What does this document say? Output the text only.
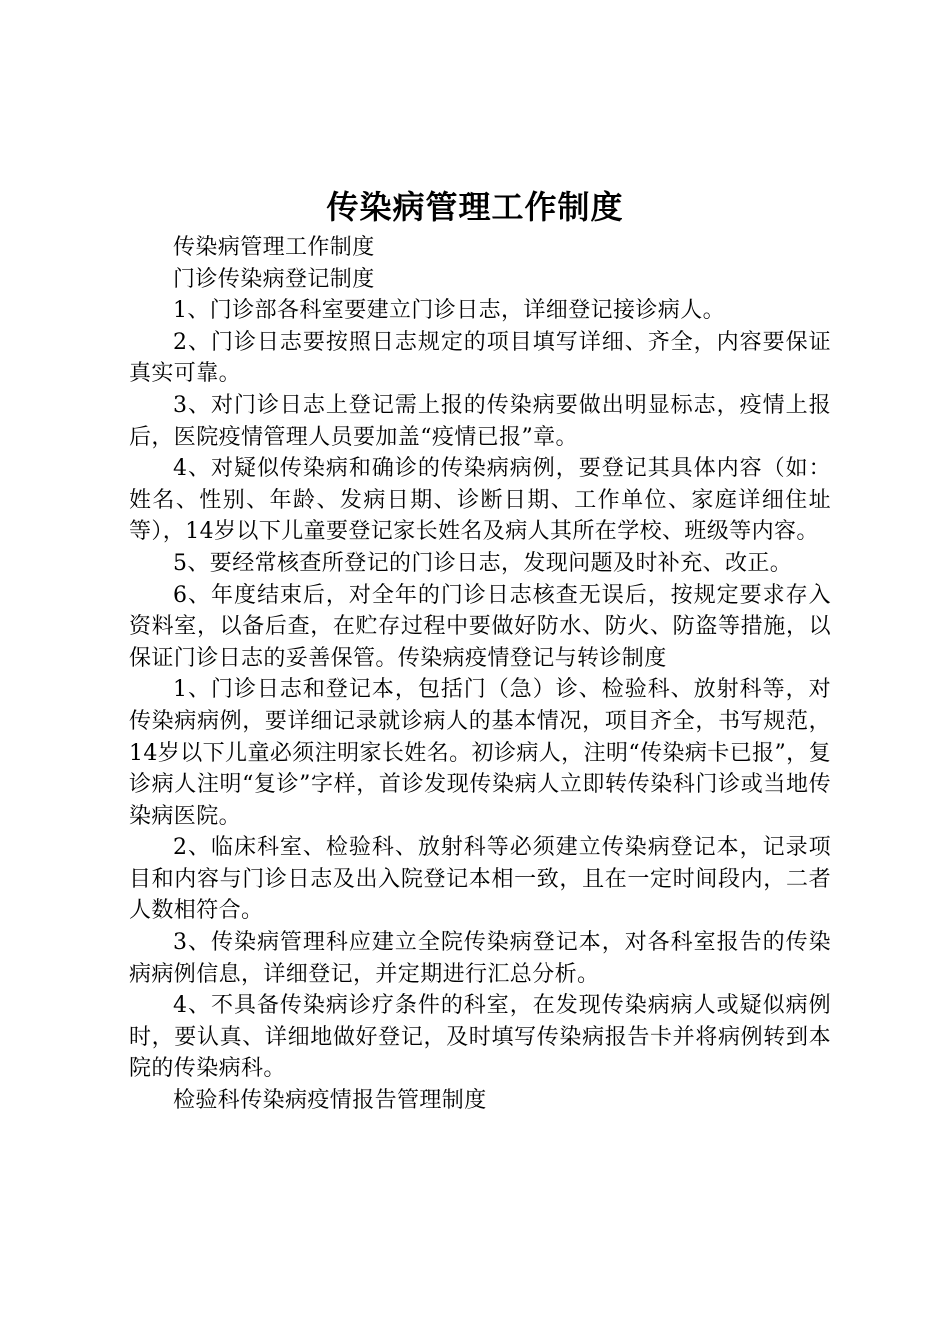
传染病管理工作制度

传染病管理工作制度

门诊传染病登记制度

1、门诊部各科室要建立门诊日志，详细登记接诊病人。

2、门诊日志要按照日志规定的项目填写详细、齐全，内容要保证真实可靠。

3、对门诊日志上登记需上报的传染病要做出明显标志，疫情上报后，医院疫情管理人员要加盖“疫情已报”章。

4、对疑似传染病和确诊的传染病病例，要登记其具体内容（如：姓名、性别、年龄、发病日期、诊断日期、工作单位、家庭详细住址等），14岁以下儿童要登记家长姓名及病人其所在学校、班级等内容。

5、要经常核查所登记的门诊日志，发现问题及时补充、改正。

6、年度结束后，对全年的门诊日志核查无误后，按规定要求存入资料室，以备后查，在贮存过程中要做好防水、防火、防盗等措施，以保证门诊日志的妥善保管。传染病疫情登记与转诊制度

1、门诊日志和登记本，包括门（急）诊、检验科、放射科等，对传染病病例，要详细记录就诊病人的基本情况，项目齐全，书写规范，14岁以下儿童必须注明家长姓名。初诊病人，注明“传染病卡已报”，复诊病人注明“复诊”字样，首诊发现传染病人立即转传染科门诊或当地传染病医院。

2、临床科室、检验科、放射科等必须建立传染病登记本，记录项目和内容与门诊日志及出入院登记本相一致，且在一定时间段内，二者人数相符合。

3、传染病管理科应建立全院传染病登记本，对各科室报告的传染病病例信息，详细登记，并定期进行汇总分析。

4、不具备传染病诊疗条件的科室，在发现传染病病人或疑似病例时，要认真、详细地做好登记，及时填写传染病报告卡并将病例转到本院的传染病科。

检验科传染病疫情报告管理制度
